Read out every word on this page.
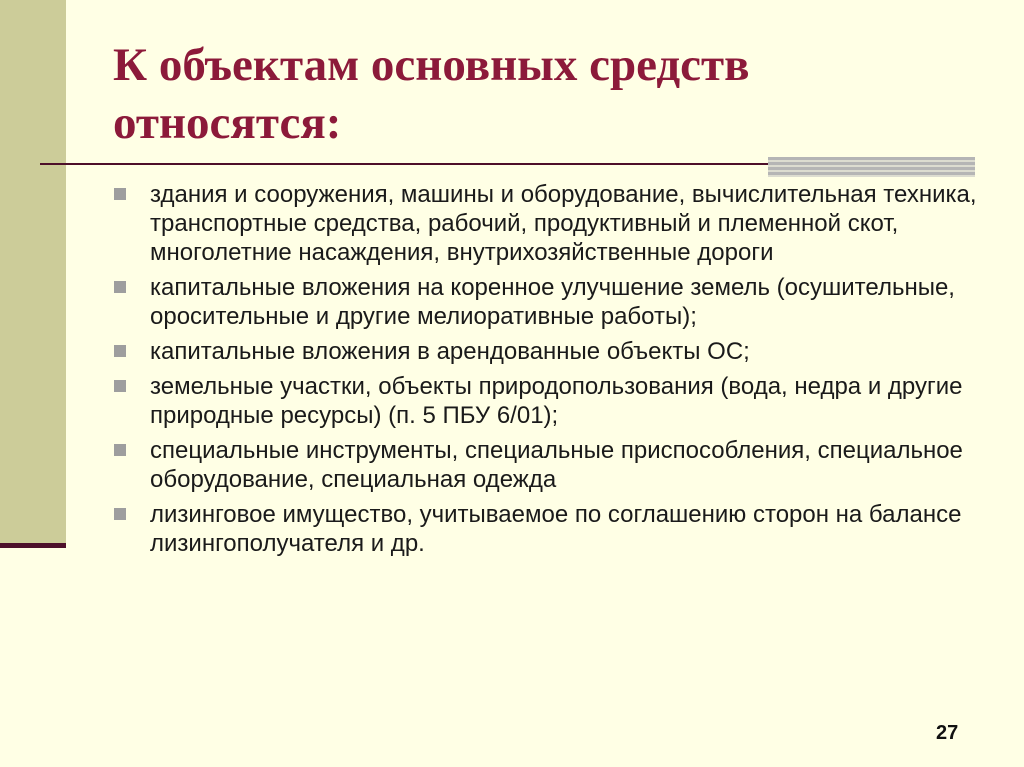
К объектам основных средств относятся:
здания и сооружения, машины и оборудование, вычислительная техника, транспортные средства, рабочий, продуктивный и племенной скот, многолетние насаждения, внутрихозяйственные дороги
капитальные вложения на коренное улучшение земель (осушительные, оросительные и другие мелиоративные работы);
капитальные вложения в арендованные объекты ОС;
земельные участки, объекты природопользования (вода, недра и другие природные ресурсы) (п. 5 ПБУ 6/01);
специальные инструменты, специальные приспособления, специальное оборудование, специальная одежда
лизинговое имущество, учитываемое по соглашению сторон на балансе лизингополучателя и др.
27
